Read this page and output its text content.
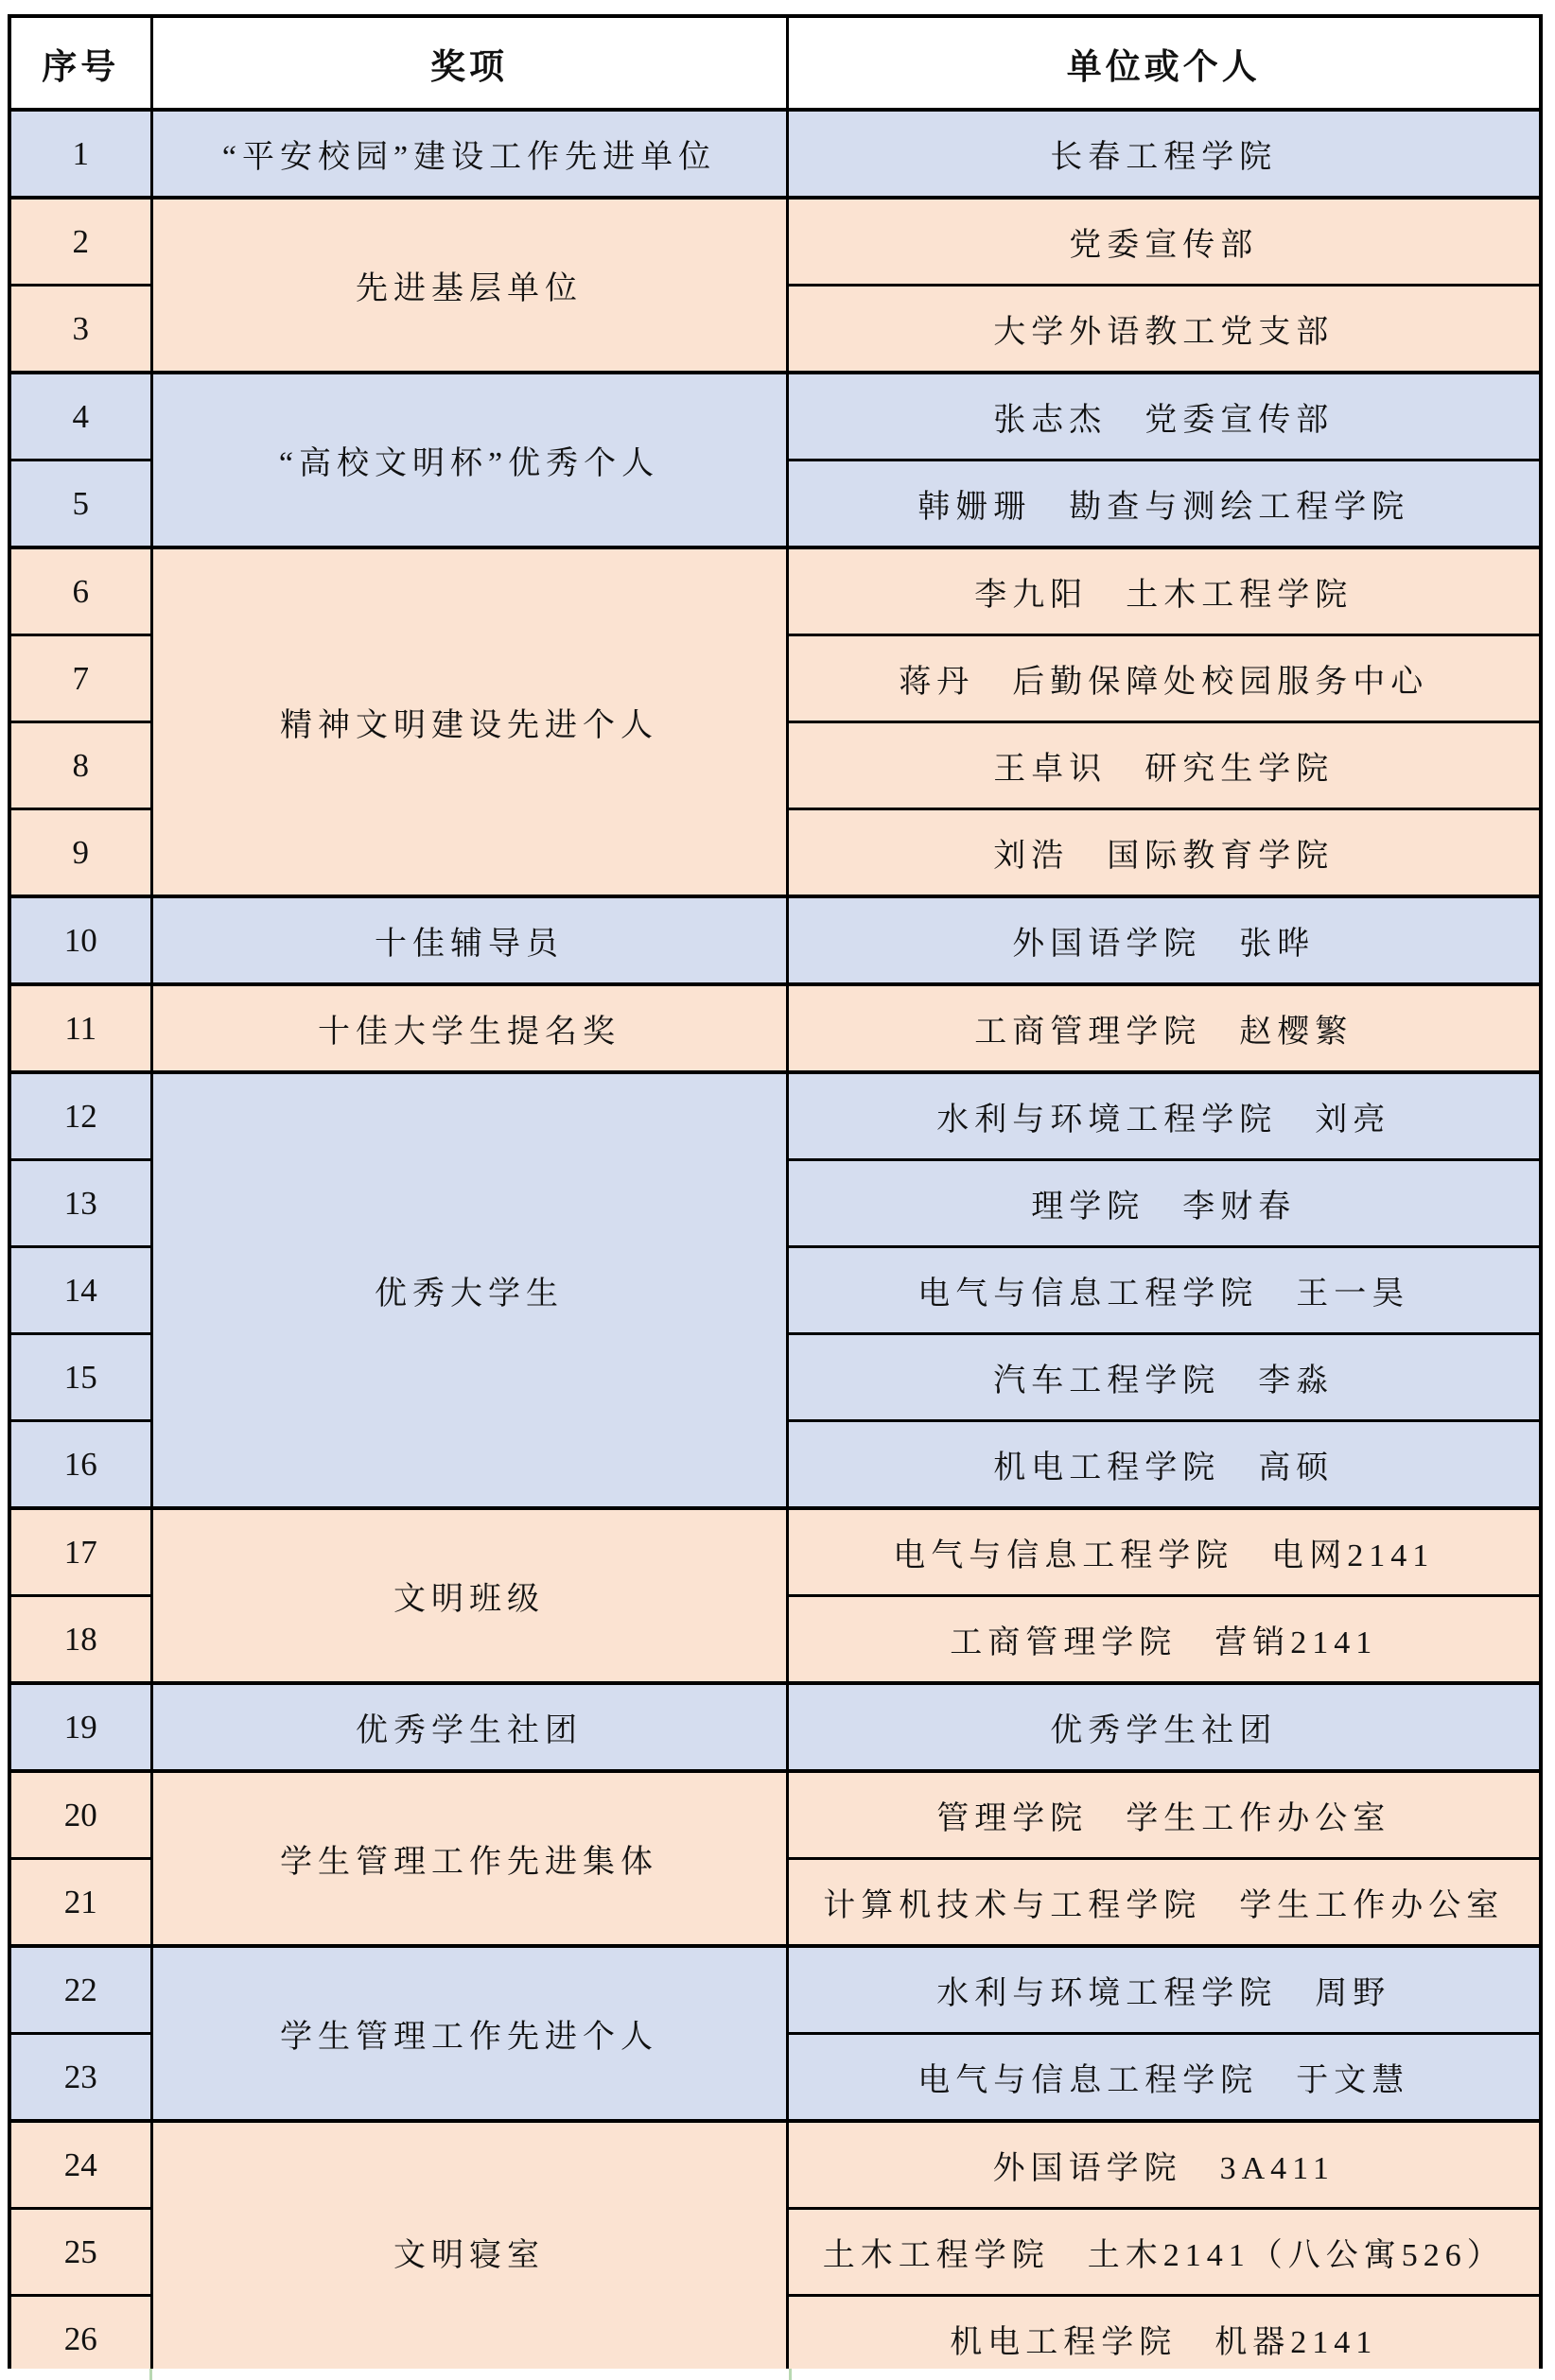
序号	奖项	单位或个人
1	“平安校园”建设工作先进单位	长春工程学院
2	先进基层单位	党委宣传部
3		大学外语教工党支部
4	“高校文明杯”优秀个人	张志杰　党委宣传部
5		韩姗珊　勘查与测绘工程学院
6	精神文明建设先进个人	李九阳　土木工程学院
7		蒋丹　后勤保障处校园服务中心
8		王卓识　研究生学院
9		刘浩　国际教育学院
10	十佳辅导员	外国语学院　张晔
11	十佳大学生提名奖	工商管理学院　赵樱繁
12	优秀大学生	水利与环境工程学院　刘亮
13		理学院　李财春
14		电气与信息工程学院　王一昊
15		汽车工程学院　李淼
16		机电工程学院　高硕
17	文明班级	电气与信息工程学院　电网2141
18		工商管理学院　营销2141
19	优秀学生社团	优秀学生社团
20	学生管理工作先进集体	管理学院　学生工作办公室
21		计算机技术与工程学院　学生工作办公室
22	学生管理工作先进个人	水利与环境工程学院　周野
23		电气与信息工程学院　于文慧
24	文明寝室	外国语学院　3A411
25		土木工程学院　土木2141（八公寓526）
26		机电工程学院　机器2141
